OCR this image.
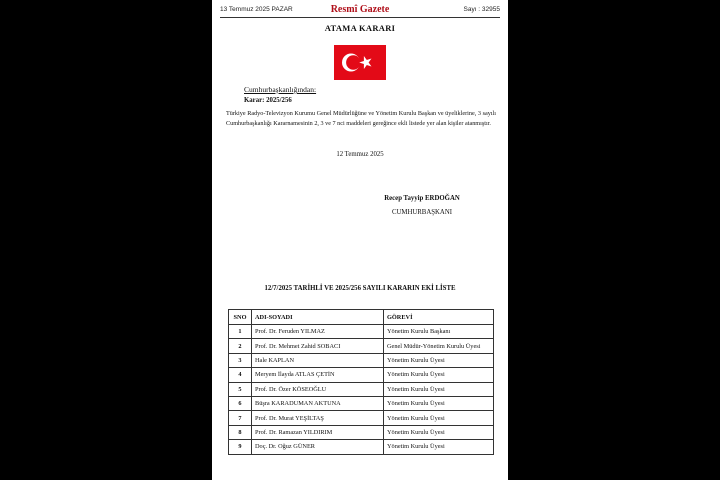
13 Temmuz 2025 PAZAR	Resmî Gazete	Sayı : 32955
ATAMA KARARI
Cumhurbaşkanlığından:
Karar: 2025/256
Türkiye Radyo-Televizyon Kurumu Genel Müdürlüğüne ve Yönetim Kurulu Başkan ve üyeliklerine, 3 sayılı Cumhurbaşkanlığı Kararnamesinin 2, 3 ve 7 nci maddeleri gereğince ekli listede yer alan kişiler atanmıştır.
12 Temmuz 2025
Recep Tayyip ERDOĞAN
CUMHURBAŞKANI
12/7/2025 TARİHLİ VE 2025/256 SAYILI KARARIN EKİ LİSTE
SNO	ADI-SOYADI	GÖREVİ
1	Prof. Dr. Feruden YILMAZ	Yönetim Kurulu Başkanı
2	Prof. Dr. Mehmet Zahid SOBACI	Genel Müdür-Yönetim Kurulu Üyesi
3	Hale KAPLAN	Yönetim Kurulu Üyesi
4	Meryem İlayda ATLAS ÇETİN	Yönetim Kurulu Üyesi
5	Prof. Dr. Özer KÖSEOĞLU	Yönetim Kurulu Üyesi
6	Büşra KARADUMAN AKTUNA	Yönetim Kurulu Üyesi
7	Prof. Dr. Murat YEŞİLTAŞ	Yönetim Kurulu Üyesi
8	Prof. Dr. Ramazan YILDIRIM	Yönetim Kurulu Üyesi
9	Doç. Dr. Oğuz GÜNER	Yönetim Kurulu Üyesi
